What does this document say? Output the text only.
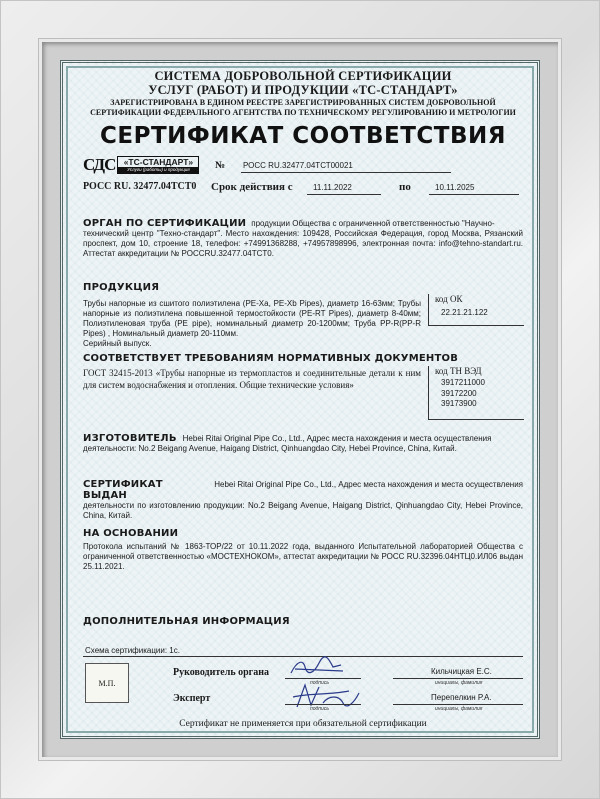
СИСТЕМА ДОБРОВОЛЬНОЙ СЕРТИФИКАЦИИ
УСЛУГ (РАБОТ) И ПРОДУКЦИИ «ТС-СТАНДАРТ»
ЗАРЕГИСТРИРОВАНА В ЕДИНОМ РЕЕСТРЕ ЗАРЕГИСТРИРОВАННЫХ СИСТЕМ ДОБРОВОЛЬНОЙ
СЕРТИФИКАЦИИ ФЕДЕРАЛЬНОГО АГЕНТСТВА ПО ТЕХНИЧЕСКОМУ РЕГУЛИРОВАНИЮ И МЕТРОЛОГИИ
СЕРТИФИКАТ СООТВЕТСТВИЯ
СДС «ТС-СТАНДАРТ»
Услуги (работы) и продукция	№ РОСС RU.32477.04ТСТ00021
РОСС RU. 32477.04ТСТ0 Срок действия с	11.11.2022	по	10.11.2025
ОРГАН ПО СЕРТИФИКАЦИИ продукции Общества с ограниченной ответственностью "Научно-
технический центр "Техно-стандарт". Место нахождения: 109428, Российская Федерация, город Москва, Рязанский проспект, дом 10, строение 18, телефон: +74991368288, +74957898996, электронная почта: info@tehno-standart.ru. Аттестат аккредитации № POCCRU.32477.04TCT0.
ПРОДУКЦИЯ
Трубы напорные из сшитого полиэтилена (PE-Xa, PE-Xb Pipes), диаметр 16-63мм; Трубы напорные из полиэтилена повышенной термостойкости (PE-RT Pipes), диаметр 8-40мм; Полиэтиленовая труба (PE pipe), номинальный диаметр 20-1200мм; Труба PP-R(PP-R Pipes) , Номинальный диаметр 20-110мм.
Серийный выпуск.
код ОК
22.21.21.122
СООТВЕТСТВУЕТ ТРЕБОВАНИЯМ НОРМАТИВНЫХ ДОКУМЕНТОВ
ГОСТ 32415-2013 «Трубы напорные из термопластов и соединительные детали к ним для систем водоснабжения и отопления. Общие технические условия»
код ТН ВЭД
3917211000
39172200
39173900
ИЗГОТОВИТЕЛЬ Hebei Ritai Original Pipe Co., Ltd., Адрес места нахождения и места осуществления
деятельности: No.2 Beigang Avenue, Haigang District, Qinhuangdao City, Hebei Province, China, Китай.
СЕРТИФИКАТ ВЫДАН
Hebei Ritai Original Pipe Co., Ltd., Адрес места нахождения и места осуществления
деятельности по изготовлению продукции: No.2 Beigang Avenue, Haigang District, Qinhuangdao City, Hebei Province, China, Китай.
НА ОСНОВАНИИ
Протокола испытаний № 1863-ТОР/22 от 10.11.2022 года, выданного Испытательной лабораторией Общества с ограниченной ответственностью «МОСТЕХНОКОМ», аттестат аккредитации № РОСС RU.32396.04НТЦ0.ИЛ06 выдан 25.11.2021.
ДОПОЛНИТЕЛЬНАЯ ИНФОРМАЦИЯ
Схема сертификации: 1с.
Руководитель органа
Эксперт
подпись
Кильчицкая Е.С.
инициалы, фамилия
подпись
Перепелкин Р.А.
инициалы, фамилия
М.П.
Сертификат не применяется при обязательной сертификации
